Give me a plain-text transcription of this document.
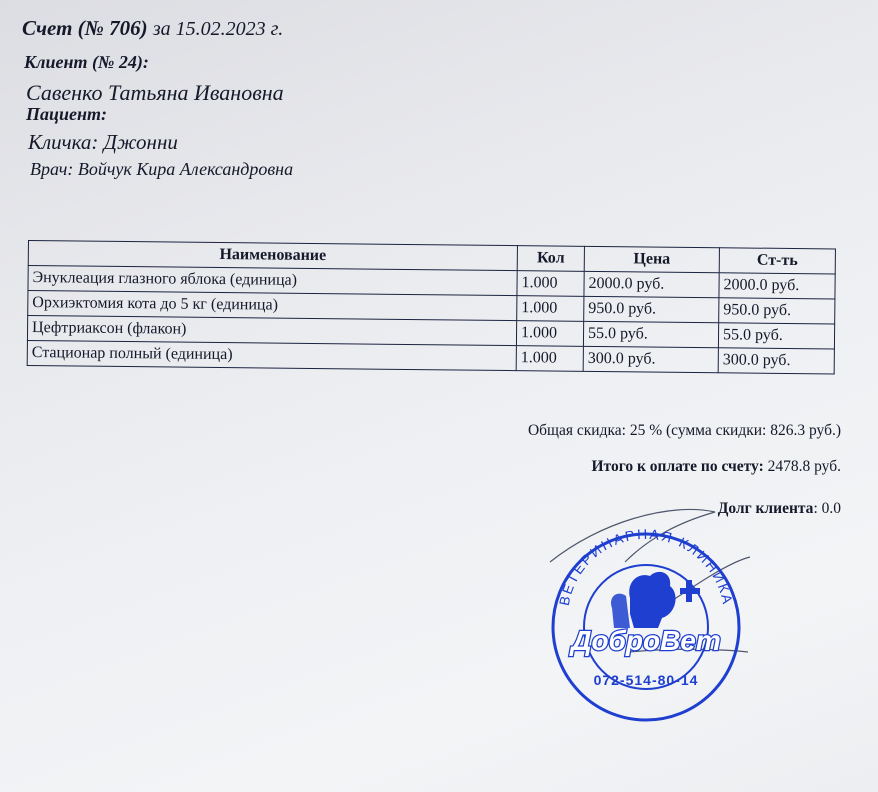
Счет (№ 706) за 15.02.2023 г.
Клиент (№ 24):
Савенко Татьяна Ивановна
Пациент:
Кличка: Джонни
Врач: Войчук Кира Александровна
Наименование	Кол	Цена	Ст-ть
Энуклеация глазного яблока (единица)	1.000	2000.0 руб.	2000.0 руб.
Орхиэктомия кота до 5 кг (единица)	1.000	950.0 руб.	950.0 руб.
Цефтриаксон (флакон)	1.000	55.0 руб.	55.0 руб.
Стационар полный (единица)	1.000	300.0 руб.	300.0 руб.
Общая скидка: 25 % (сумма скидки: 826.3 руб.)
Итого к оплате по счету: 2478.8 руб.
Долг клиента: 0.0
ВЕТЕРИНАРНАЯ КЛИНИКА
ДоброВет
072-514-80-14
